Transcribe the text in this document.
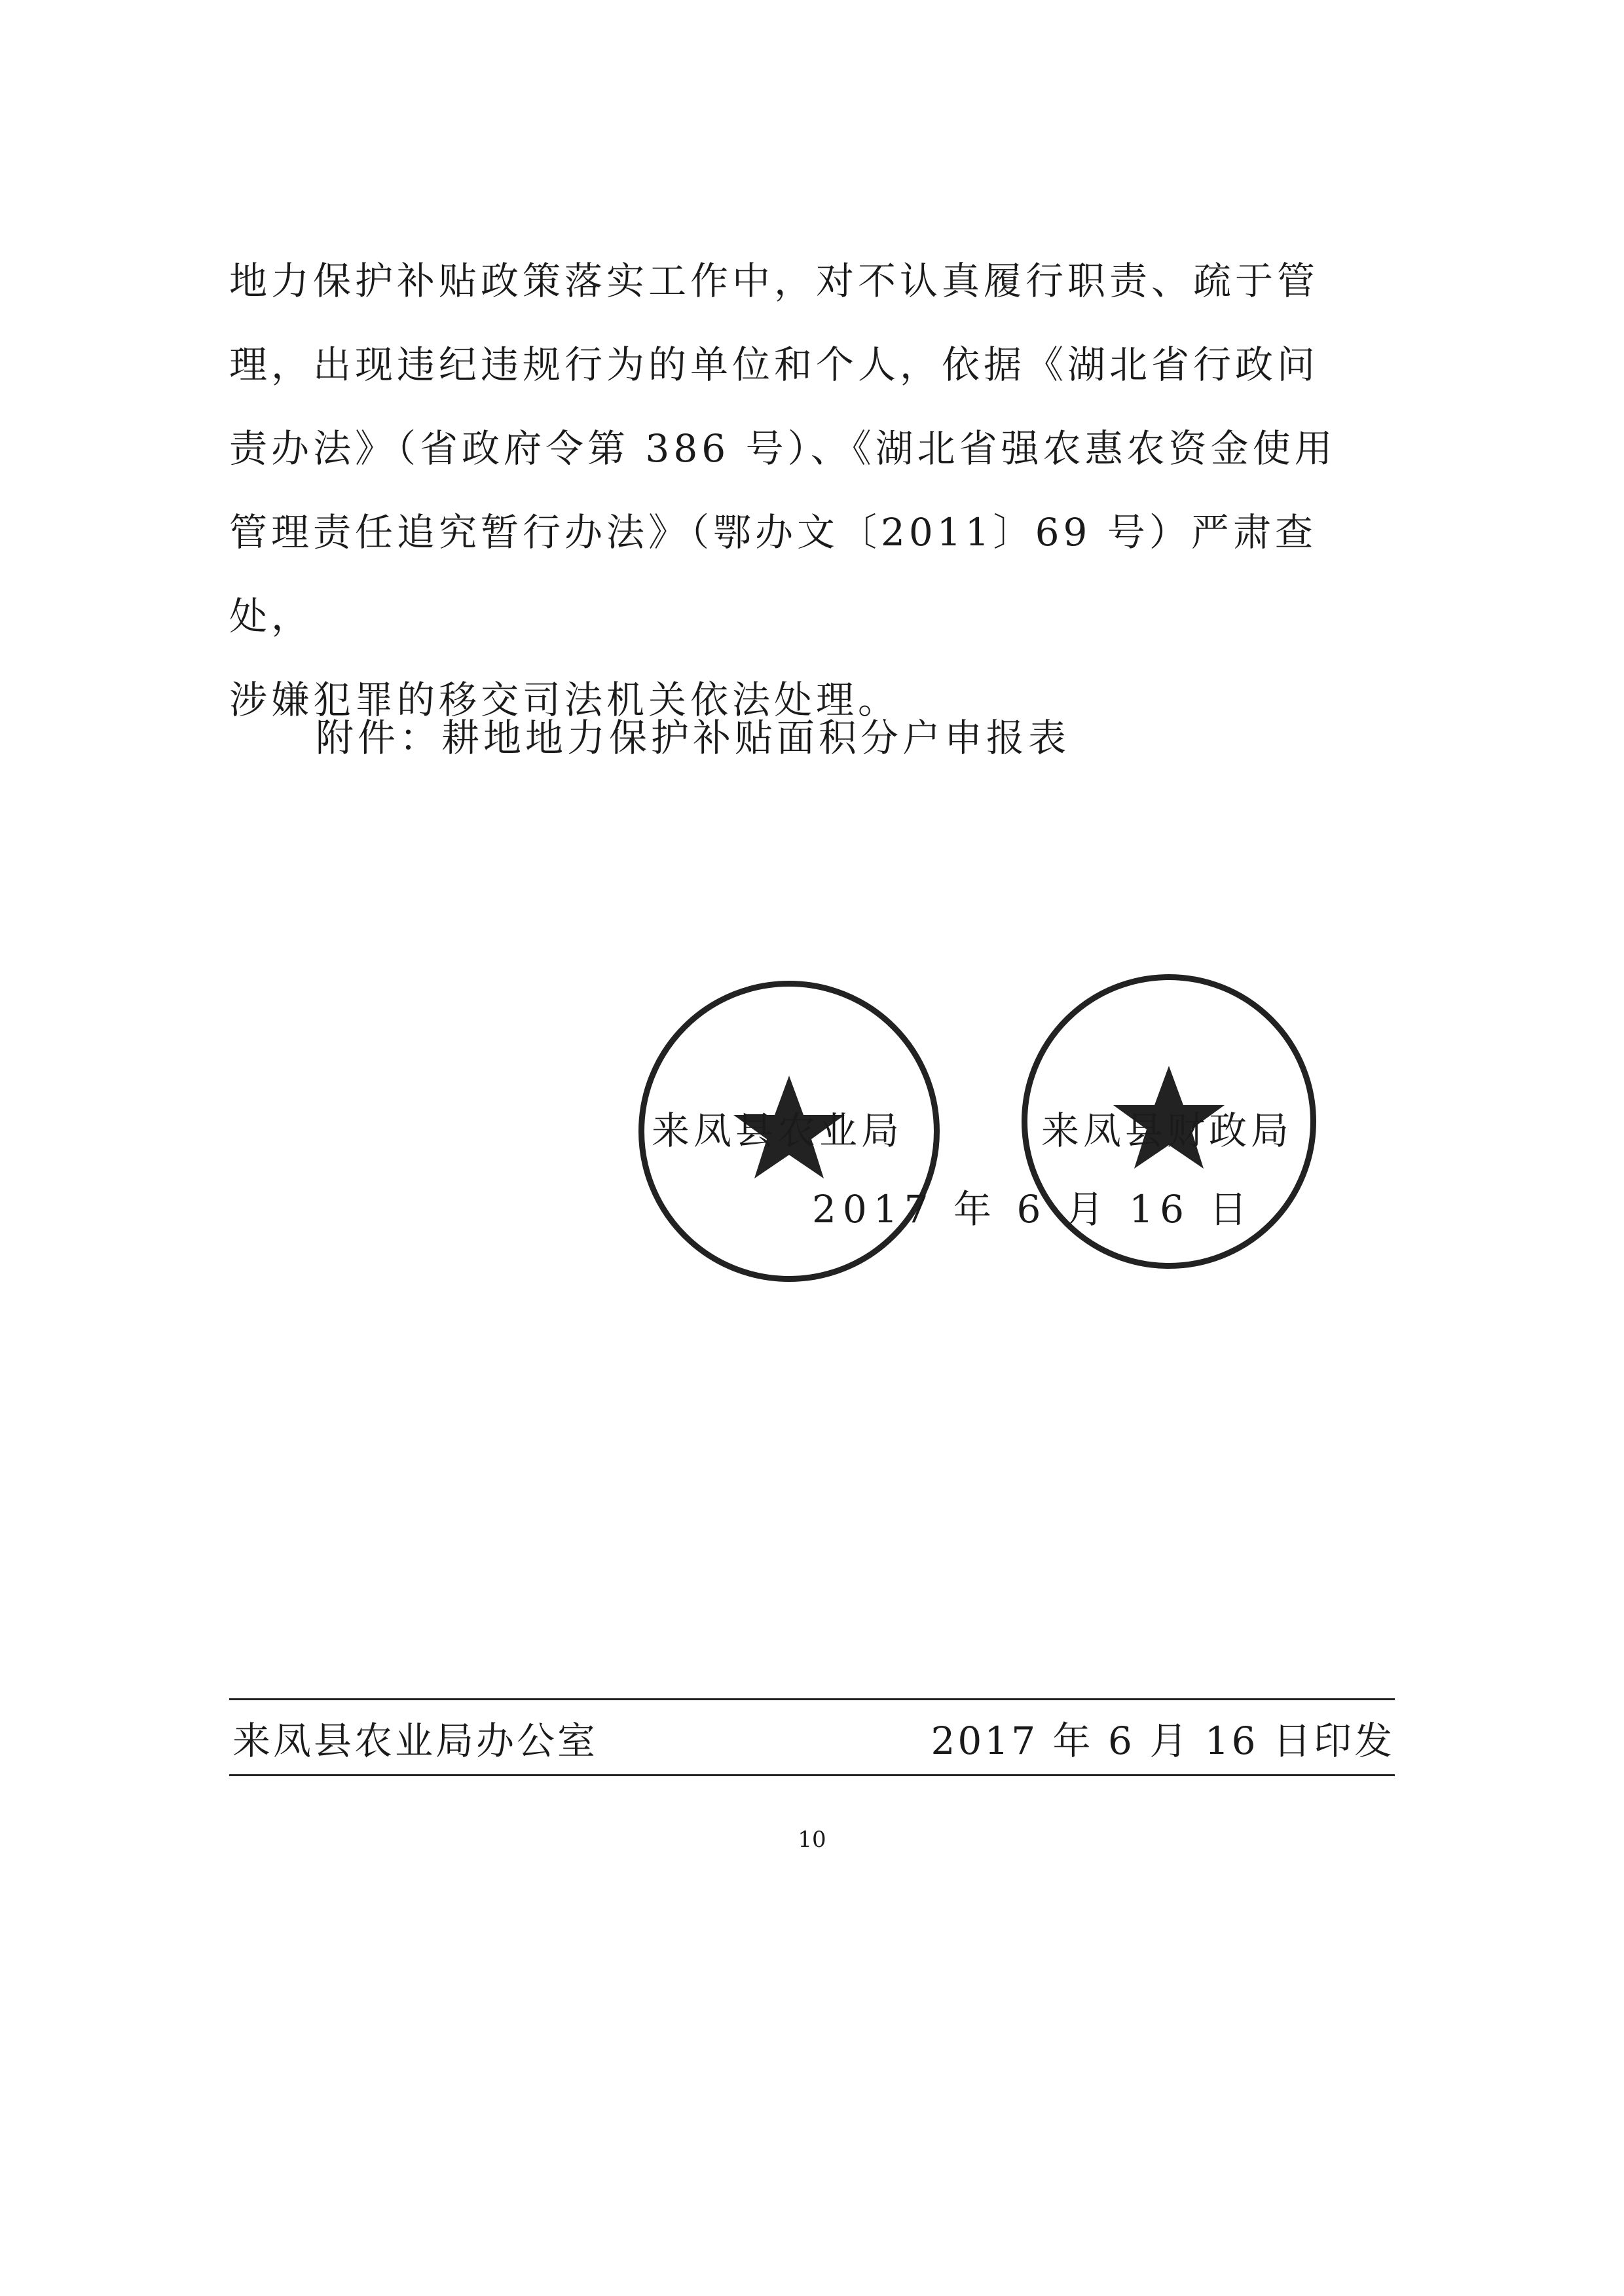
地力保护补贴政策落实工作中，对不认真履行职责、疏于管

理，出现违纪违规行为的单位和个人，依据《湖北省行政问

责办法》（省政府令第 386 号）、《湖北省强农惠农资金使用

管理责任追究暂行办法》（鄂办文〔2011〕69 号）严肃查处，

涉嫌犯罪的移交司法机关依法处理。

附件：耕地地力保护补贴面积分户申报表
来凤县农业局	来凤县财政局
2017 年 6 月 16 日
来凤县农业局办公室	2017 年 6 月 16 日印发
10
